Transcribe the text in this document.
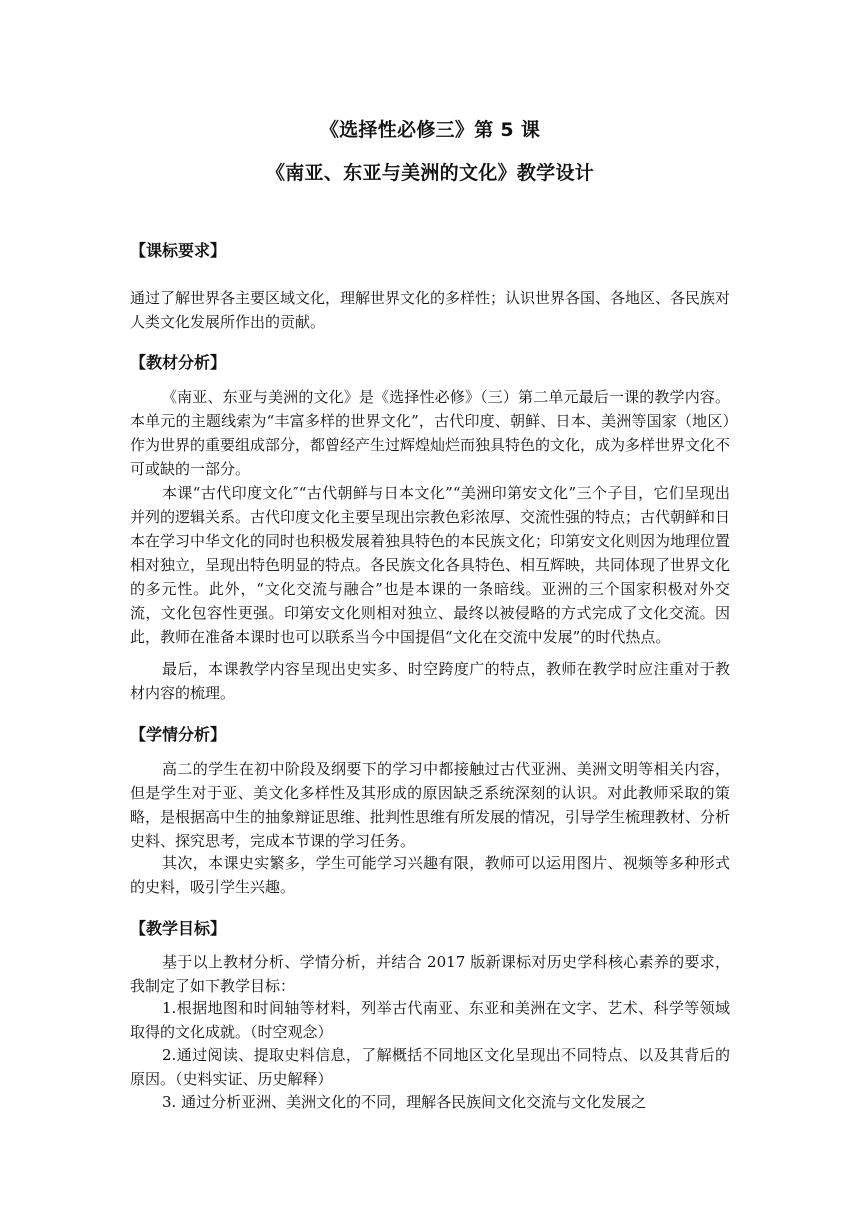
《选择性必修三》第 5 课
《南亚、东亚与美洲的文化》教学设计
【课标要求】
通过了解世界各主要区域文化，理解世界文化的多样性；认识世界各国、各地区、各民族对人类文化发展所作出的贡献。
【教材分析】
《南亚、东亚与美洲的文化》是《选择性必修》（三）第二单元最后一课的教学内容。本单元的主题线索为“丰富多样的世界文化”，古代印度、朝鲜、日本、美洲等国家（地区）作为世界的重要组成部分，都曾经产生过辉煌灿烂而独具特色的文化，成为多样世界文化不可或缺的一部分。
本课“古代印度文化″“古代朝鲜与日本文化”“美洲印第安文化”三个子目，它们呈现出并列的逻辑关系。古代印度文化主要呈现出宗教色彩浓厚、交流性强的特点；古代朝鲜和日本在学习中华文化的同时也积极发展着独具特色的本民族文化；印第安文化则因为地理位置相对独立，呈现出特色明显的特点。各民族文化各具特色、相互辉映，共同体现了世界文化的多元性。此外，“文化交流与融合”也是本课的一条暗线。亚洲的三个国家积极对外交流，文化包容性更强。印第安文化则相对独立、最终以被侵略的方式完成了文化交流。因此，教师在准备本课时也可以联系当今中国提倡“文化在交流中发展”的时代热点。
最后，本课教学内容呈现出史实多、时空跨度广的特点，教师在教学时应注重对于教材内容的梳理。
【学情分析】
高二的学生在初中阶段及纲要下的学习中都接触过古代亚洲、美洲文明等相关内容，但是学生对于亚、美文化多样性及其形成的原因缺乏系统深刻的认识。对此教师采取的策略，是根据高中生的抽象辩证思维、批判性思维有所发展的情况，引导学生梳理教材、分析史料、探究思考，完成本节课的学习任务。
其次，本课史实繁多，学生可能学习兴趣有限，教师可以运用图片、视频等多种形式的史料，吸引学生兴趣。
【教学目标】
基于以上教材分析、学情分析，并结合 2017 版新课标对历史学科核心素养的要求，我制定了如下教学目标：
1.根据地图和时间轴等材料，列举古代南亚、东亚和美洲在文字、艺术、科学等领域取得的文化成就。（时空观念）
2.通过阅读、提取史料信息，了解概括不同地区文化呈现出不同特点、以及其背后的原因。（史料实证、历史解释）
3. 通过分析亚洲、美洲文化的不同，理解各民族间文化交流与文化发展之
